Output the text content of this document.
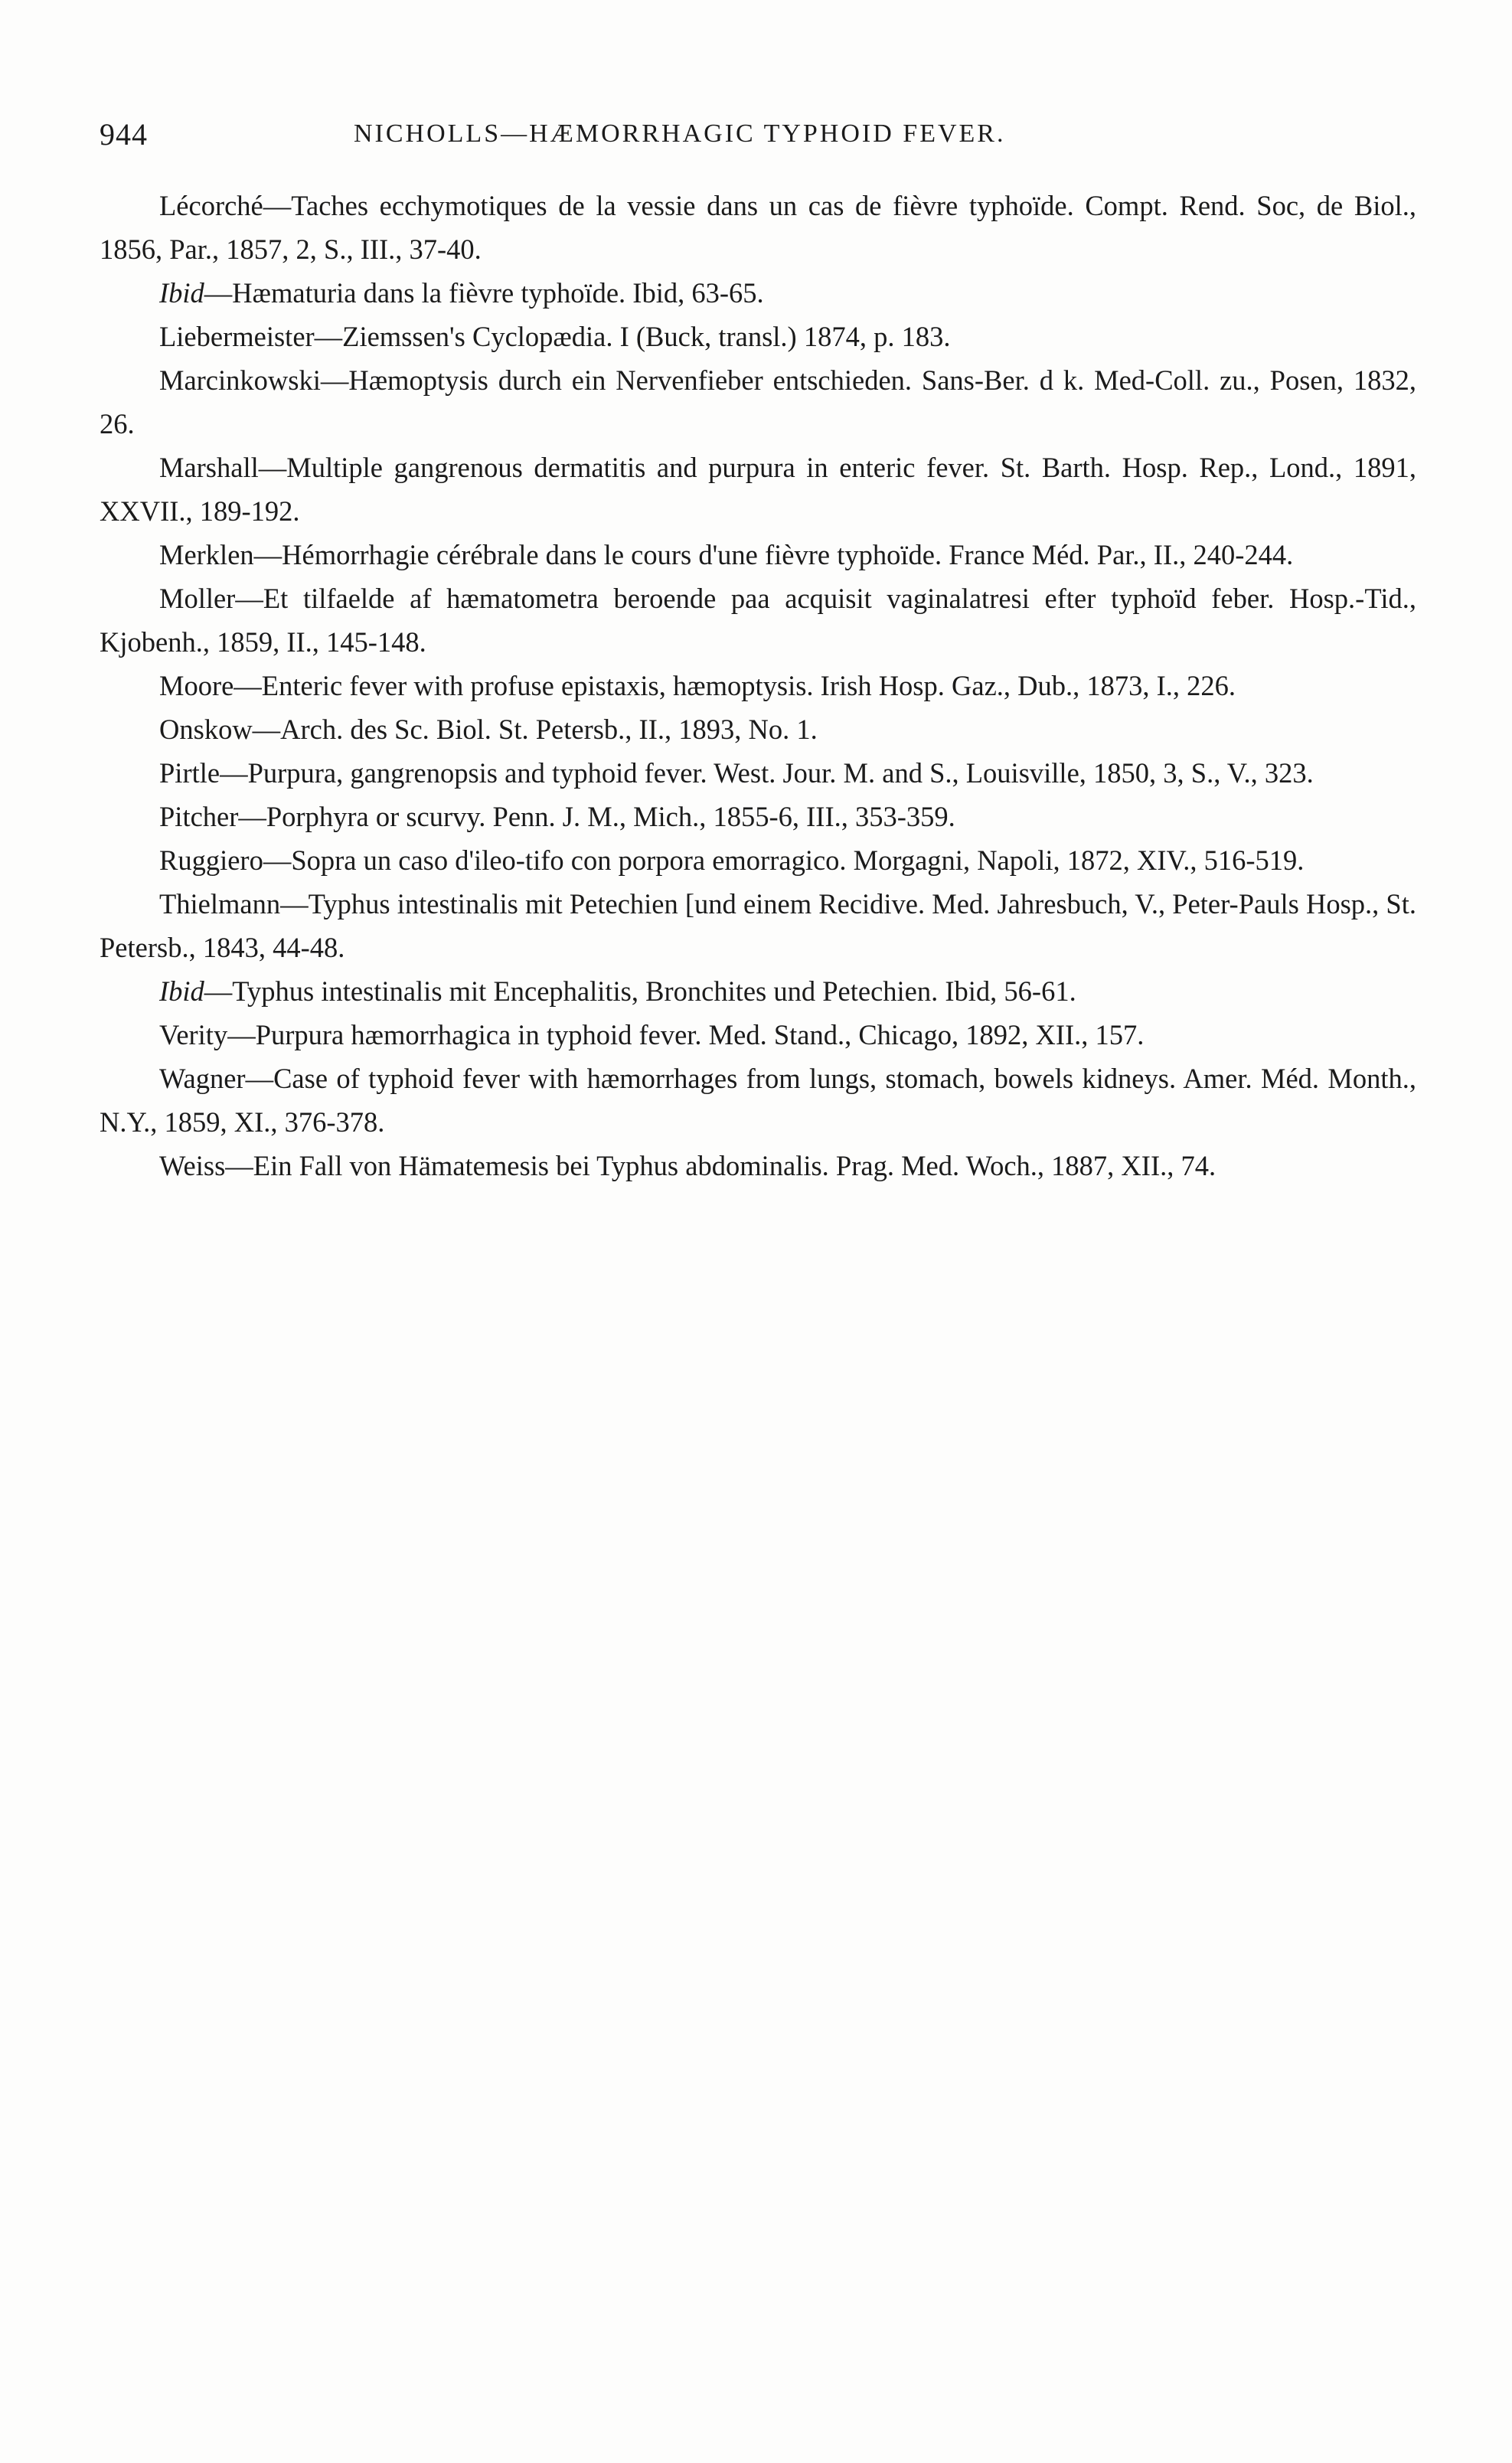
944	NICHOLLS—HÆMORRHAGIC TYPHOID FEVER.

Lécorché—Taches ecchymotiques de la vessie dans un cas de fièvre typhoïde. Compt. Rend. Soc, de Biol., 1856, Par., 1857, 2, S., III., 37-40.

Ibid—Hæmaturia dans la fièvre typhoïde. Ibid, 63-65.

Liebermeister—Ziemssen's Cyclopædia. I (Buck, transl.) 1874, p. 183.

Marcinkowski—Hæmoptysis durch ein Nervenfieber entschieden. Sans-Ber. d k. Med-Coll. zu., Posen, 1832, 26.

Marshall—Multiple gangrenous dermatitis and purpura in enteric fever. St. Barth. Hosp. Rep., Lond., 1891, XXVII., 189-192.

Merklen—Hémorrhagie cérébrale dans le cours d'une fièvre typhoïde. France Méd. Par., II., 240-244.

Moller—Et tilfaelde af hæmatometra beroende paa acquisit vaginalatresi efter typhoïd feber. Hosp.-Tid., Kjobenh., 1859, II., 145-148.

Moore—Enteric fever with profuse epistaxis, hæmoptysis. Irish Hosp. Gaz., Dub., 1873, I., 226.

Onskow—Arch. des Sc. Biol. St. Petersb., II., 1893, No. 1.

Pirtle—Purpura, gangrenopsis and typhoid fever. West. Jour. M. and S., Louisville, 1850, 3, S., V., 323.

Pitcher—Porphyra or scurvy. Penn. J. M., Mich., 1855-6, III., 353-359.

Ruggiero—Sopra un caso d'ileo-tifo con porpora emorragico. Morgagni, Napoli, 1872, XIV., 516-519.

Thielmann—Typhus intestinalis mit Petechien [und einem Recidive. Med. Jahresbuch, V., Peter-Pauls Hosp., St. Petersb., 1843, 44-48.

Ibid—Typhus intestinalis mit Encephalitis, Bronchites und Petechien. Ibid, 56-61.

Verity—Purpura hæmorrhagica in typhoid fever. Med. Stand., Chicago, 1892, XII., 157.

Wagner—Case of typhoid fever with hæmorrhages from lungs, stomach, bowels kidneys. Amer. Méd. Month., N.Y., 1859, XI., 376-378.

Weiss—Ein Fall von Hämatemesis bei Typhus abdominalis. Prag. Med. Woch., 1887, XII., 74.
